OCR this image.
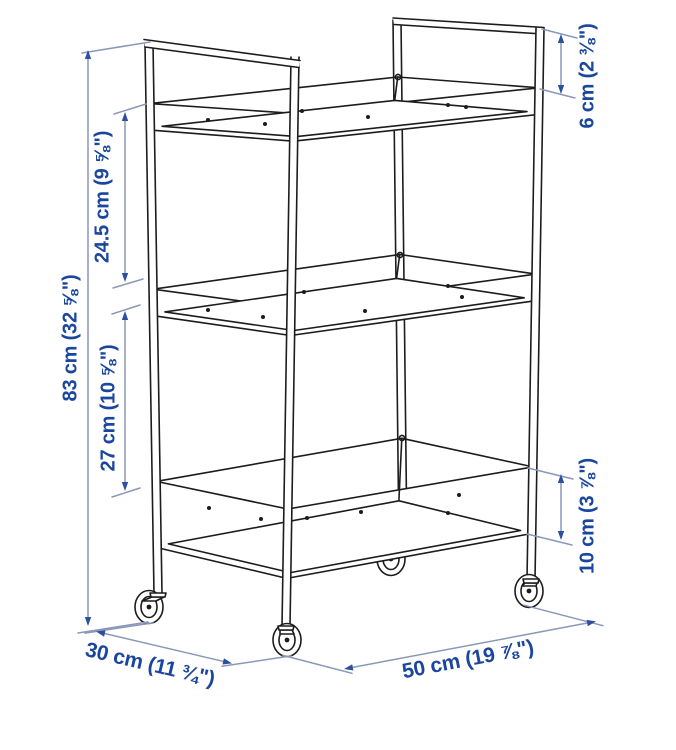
83 cm (32 ⅝")
24.5 cm (9 ⅝")
27 cm (10 ⅝")
6 cm (2 ⅜")
10 cm (3 ⅞")
30 cm (11 ¾")	50 cm (19 ⅞")
